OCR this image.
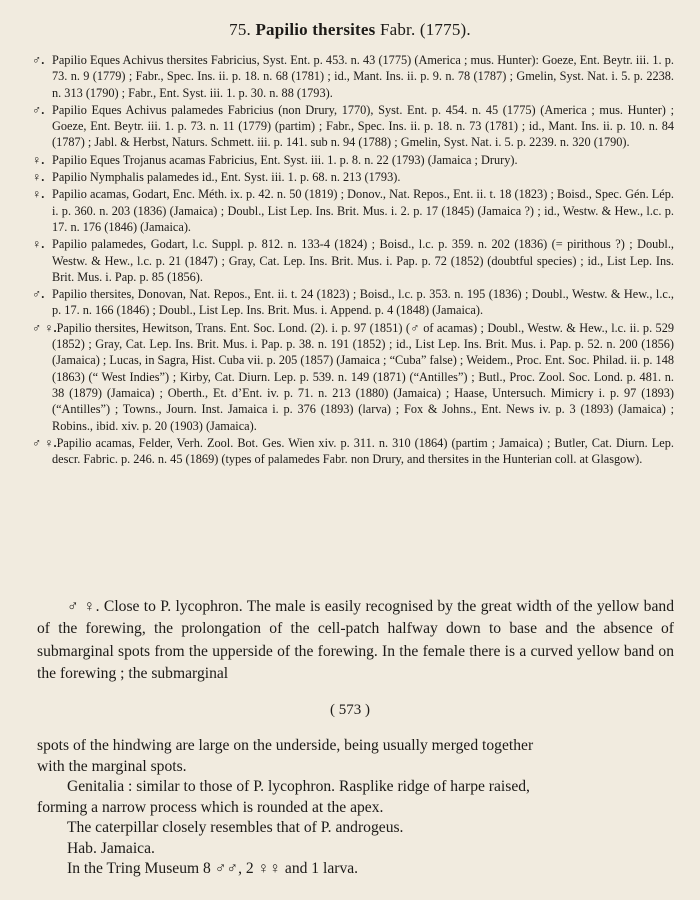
75. Papilio thersites Fabr. (1775).
♂. Papilio Eques Achivus thersites Fabricius, Syst. Ent. p. 453. n. 43 (1775) (America ; mus. Hunter): Goeze, Ent. Beytr. iii. 1. p. 73. n. 9 (1779) ; Fabr., Spec. Ins. ii. p. 18. n. 68 (1781) ; id., Mant. Ins. ii. p. 9. n. 78 (1787) ; Gmelin, Syst. Nat. i. 5. p. 2238. n. 313 (1790) ; Fabr., Ent. Syst. iii. 1. p. 30. n. 88 (1793).
♂. Papilio Eques Achivus palamedes Fabricius (non Drury, 1770), Syst. Ent. p. 454. n. 45 (1775) (America ; mus. Hunter) ; Goeze, Ent. Beytr. iii. 1. p. 73. n. 11 (1779) (partim) ; Fabr., Spec. Ins. ii. p. 18. n. 73 (1781) ; id., Mant. Ins. ii. p. 10. n. 84 (1787) ; Jabl. & Herbst, Naturs. Schmett. iii. p. 141. sub n. 94 (1788) ; Gmelin, Syst. Nat. i. 5. p. 2239. n. 320 (1790).
♀. Papilio Eques Trojanus acamas Fabricius, Ent. Syst. iii. 1. p. 8. n. 22 (1793) (Jamaica ; Drury).
♀. Papilio Nymphalis palamedes id., Ent. Syst. iii. 1. p. 68. n. 213 (1793).
♀. Papilio acamas, Godart, Enc. Méth. ix. p. 42. n. 50 (1819) ; Donov., Nat. Repos., Ent. ii. t. 18 (1823) ; Boisd., Spec. Gén. Lép. i. p. 360. n. 203 (1836) (Jamaica) ; Doubl., List Lep. Ins. Brit. Mus. i. 2. p. 17 (1845) (Jamaica ?) ; id., Westw. & Hew., l.c. p. 17. n. 176 (1846) (Jamaica).
♀. Papilio palamedes, Godart, l.c. Suppl. p. 812. n. 133-4 (1824) ; Boisd., l.c. p. 359. n. 202 (1836) (= pirithous ?) ; Doubl., Westw. & Hew., l.c. p. 21 (1847) ; Gray, Cat. Lep. Ins. Brit. Mus. i. Pap. p. 72 (1852) (doubtful species) ; id., List Lep. Ins. Brit. Mus. i. Pap. p. 85 (1856).
♂. Papilio thersites, Donovan, Nat. Repos., Ent. ii. t. 24 (1823) ; Boisd., l.c. p. 353. n. 195 (1836) ; Doubl., Westw. & Hew., l.c., p. 17. n. 166 (1846) ; Doubl., List Lep. Ins. Brit. Mus. i. Append. p. 4 (1848) (Jamaica).
♂ ♀.Papilio thersites, Hewitson, Trans. Ent. Soc. Lond. (2). i. p. 97 (1851) (♂ of acamas) ; Doubl., Westw. & Hew., l.c. ii. p. 529 (1852) ; Gray, Cat. Lep. Ins. Brit. Mus. i. Pap. p. 38. n. 191 (1852) ; id., List Lep. Ins. Brit. Mus. i. Pap. p. 52. n. 200 (1856) (Jamaica) ; Lucas, in Sagra, Hist. Cuba vii. p. 205 (1857) (Jamaica ; “Cuba” false) ; Weidem., Proc. Ent. Soc. Philad. ii. p. 148 (1863) (“ West Indies”) ; Kirby, Cat. Diurn. Lep. p. 539. n. 149 (1871) (“Antilles”) ; Butl., Proc. Zool. Soc. Lond. p. 481. n. 38 (1879) (Jamaica) ; Oberth., Et. d’Ent. iv. p. 71. n. 213 (1880) (Jamaica) ; Haase, Untersuch. Mimicry i. p. 97 (1893) (“Antilles”) ; Towns., Journ. Inst. Jamaica i. p. 376 (1893) (larva) ; Fox & Johns., Ent. News iv. p. 3 (1893) (Jamaica) ; Robins., ibid. xiv. p. 20 (1903) (Jamaica).
♂ ♀.Papilio acamas, Felder, Verh. Zool. Bot. Ges. Wien xiv. p. 311. n. 310 (1864) (partim ; Jamaica) ; Butler, Cat. Diurn. Lep. descr. Fabric. p. 246. n. 45 (1869) (types of palamedes Fabr. non Drury, and thersites in the Hunterian coll. at Glasgow).

♂ ♀. Close to P. lycophron. The male is easily recognised by the great width of the yellow band of the forewing, the prolongation of the cell-patch halfway down to base and the absence of submarginal spots from the upperside of the forewing. In the female there is a curved yellow band on the forewing ; the submarginal

( 573 )

spots of the hindwing are large on the underside, being usually merged together

with the marginal spots.

Genitalia : similar to those of P. lycophron. Rasplike ridge of harpe raised,

forming a narrow process which is rounded at the apex.

The caterpillar closely resembles that of P. androgeus.

Hab. Jamaica.

In the Tring Museum 8 ♂♂, 2 ♀♀ and 1 larva.
